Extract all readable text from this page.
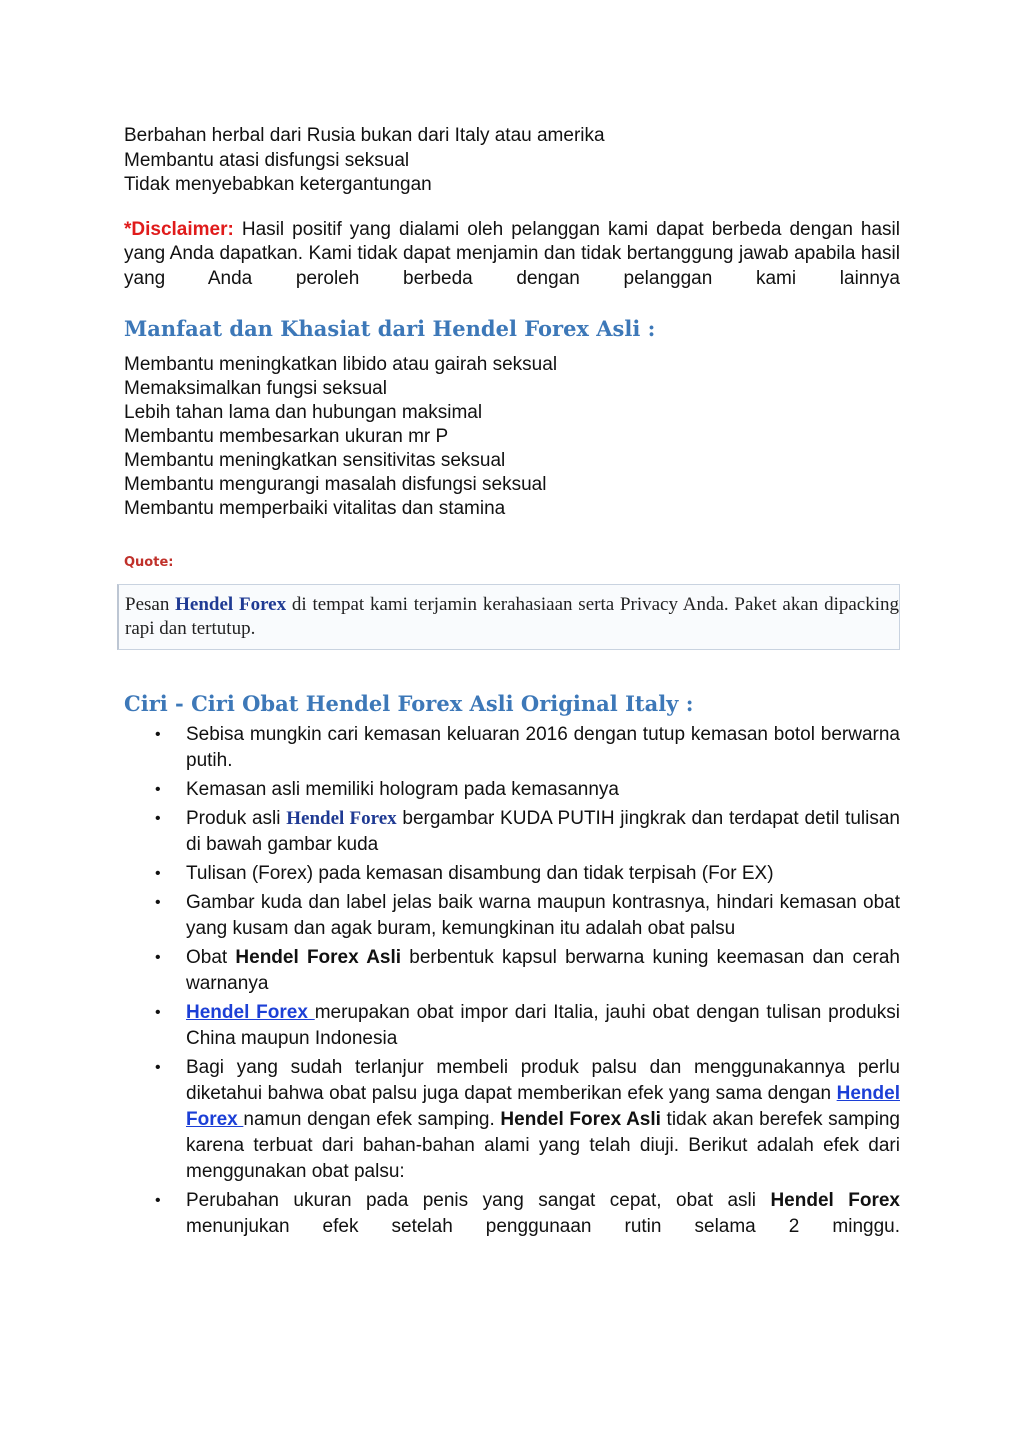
Berbahan herbal dari Rusia bukan dari Italy atau amerika

Membantu atasi disfungsi seksual

Tidak menyebabkan ketergantungan

*Disclaimer: Hasil positif yang dialami oleh pelanggan kami dapat berbeda dengan hasil yang Anda dapatkan. Kami tidak dapat menjamin dan tidak bertanggung jawab apabila hasil yang Anda peroleh berbeda dengan pelanggan kami lainnya

Manfaat dan Khasiat dari Hendel Forex Asli :

Membantu meningkatkan libido atau gairah seksual

Memaksimalkan fungsi seksual

Lebih tahan lama dan hubungan maksimal

Membantu membesarkan ukuran mr P

Membantu meningkatkan sensitivitas seksual

Membantu mengurangi masalah disfungsi seksual

Membantu memperbaiki vitalitas dan stamina

Quote:

Pesan Hendel Forex di tempat kami terjamin kerahasiaan serta Privacy Anda. Paket akan dipacking rapi dan tertutup.

Ciri - Ciri Obat Hendel Forex Asli Original Italy :
• Sebisa mungkin cari kemasan keluaran 2016 dengan tutup kemasan botol berwarna putih.
• Kemasan asli memiliki hologram pada kemasannya
• Produk asli Hendel Forex bergambar KUDA PUTIH jingkrak dan terdapat detil tulisan di bawah gambar kuda
• Tulisan (Forex) pada kemasan disambung dan tidak terpisah (For EX)
• Gambar kuda dan label jelas baik warna maupun kontrasnya, hindari kemasan obat yang kusam dan agak buram, kemungkinan itu adalah obat palsu
• Obat Hendel Forex Asli berbentuk kapsul berwarna kuning keemasan dan cerah warnanya
• Hendel Forex merupakan obat impor dari Italia, jauhi obat dengan tulisan produksi China maupun Indonesia
• Bagi yang sudah terlanjur membeli produk palsu dan menggunakannya perlu diketahui bahwa obat palsu juga dapat memberikan efek yang sama dengan Hendel Forex namun dengan efek samping. Hendel Forex Asli tidak akan berefek samping karena terbuat dari bahan-bahan alami yang telah diuji. Berikut adalah efek dari menggunakan obat palsu:
• Perubahan ukuran pada penis yang sangat cepat, obat asli Hendel Forex menunjukan efek setelah penggunaan rutin selama 2 minggu.
